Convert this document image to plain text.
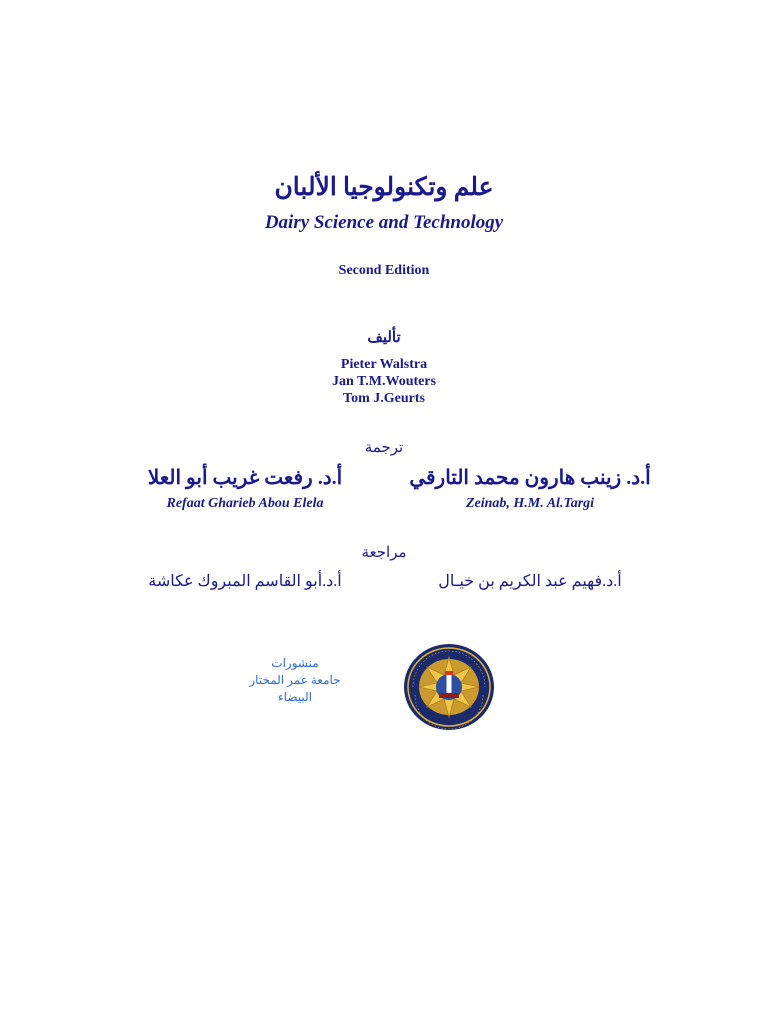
علم وتكنولوجيا الألبان
Dairy Science and Technology
Second Edition
تأليف
Pieter Walstra
Jan T.M.Wouters
Tom J.Geurts
ترجمة
أ.د. زينب هارون محمد التارقي
Zeinab, H.M. Al.Targi
أ.د. رفعت غريب أبو العلا
Refaat Gharieb Abou Elela
مراجعة
أ.د.فهيم عبد الكريم بن خيـال
أ.د.أبو القاسم المبروك عكاشة
منشورات
جامعة عمر المختار
البيضاء
